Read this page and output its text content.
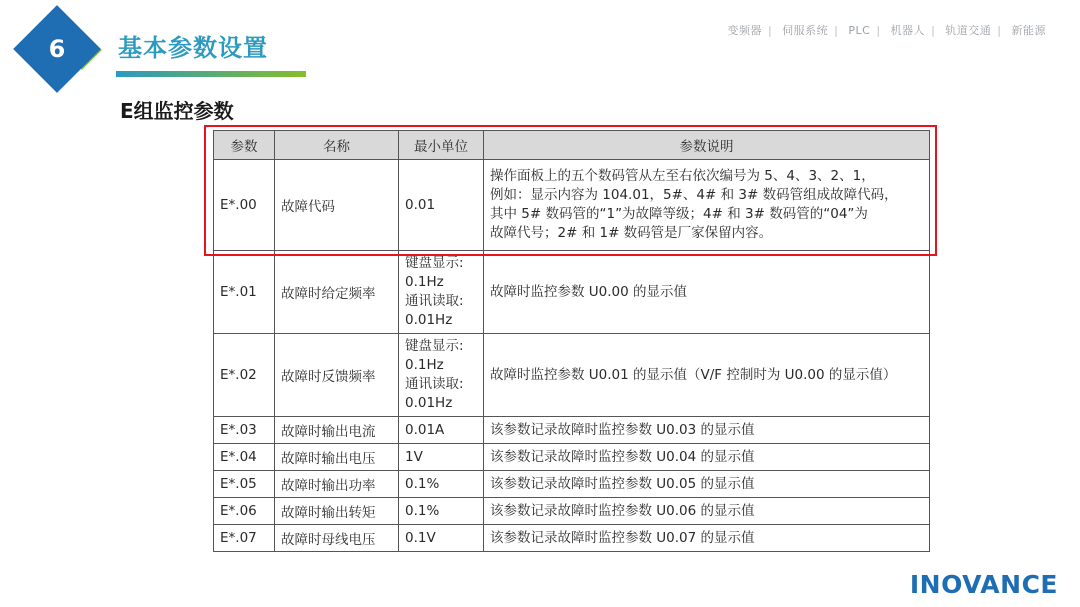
6	基本参数设置
变频器 | 伺服系统 | PLC | 机器人 | 轨道交通 | 新能源
E组监控参数
参数	名称	最小单位	参数说明
E*.00	故障代码	0.01	操作面板上的五个数码管从左至右依次编号为 5、4、3、2、1，
例如：显示内容为 104.01，5#、4# 和 3# 数码管组成故障代码，
其中 5# 数码管的“1”为故障等级；4# 和 3# 数码管的“04”为
故障代号；2# 和 1# 数码管是厂家保留内容。

E*.01	故障时给定频率	键盘显示:
0.1Hz
通讯读取:
0.01Hz	故障时监控参数 U0.00 的显示值
E*.02	故障时反馈频率	键盘显示:
0.1Hz
通讯读取:
0.01Hz	故障时监控参数 U0.01 的显示值（V/F 控制时为 U0.00 的显示值）
E*.03	故障时输出电流	0.01A	该参数记录故障时监控参数 U0.03 的显示值
E*.04	故障时输出电压	1V	该参数记录故障时监控参数 U0.04 的显示值
E*.05	故障时输出功率	0.1%	该参数记录故障时监控参数 U0.05 的显示值
E*.06	故障时输出转矩	0.1%	该参数记录故障时监控参数 U0.06 的显示值
E*.07	故障时母线电压	0.1V	该参数记录故障时监控参数 U0.07 的显示值
INOVANCE
